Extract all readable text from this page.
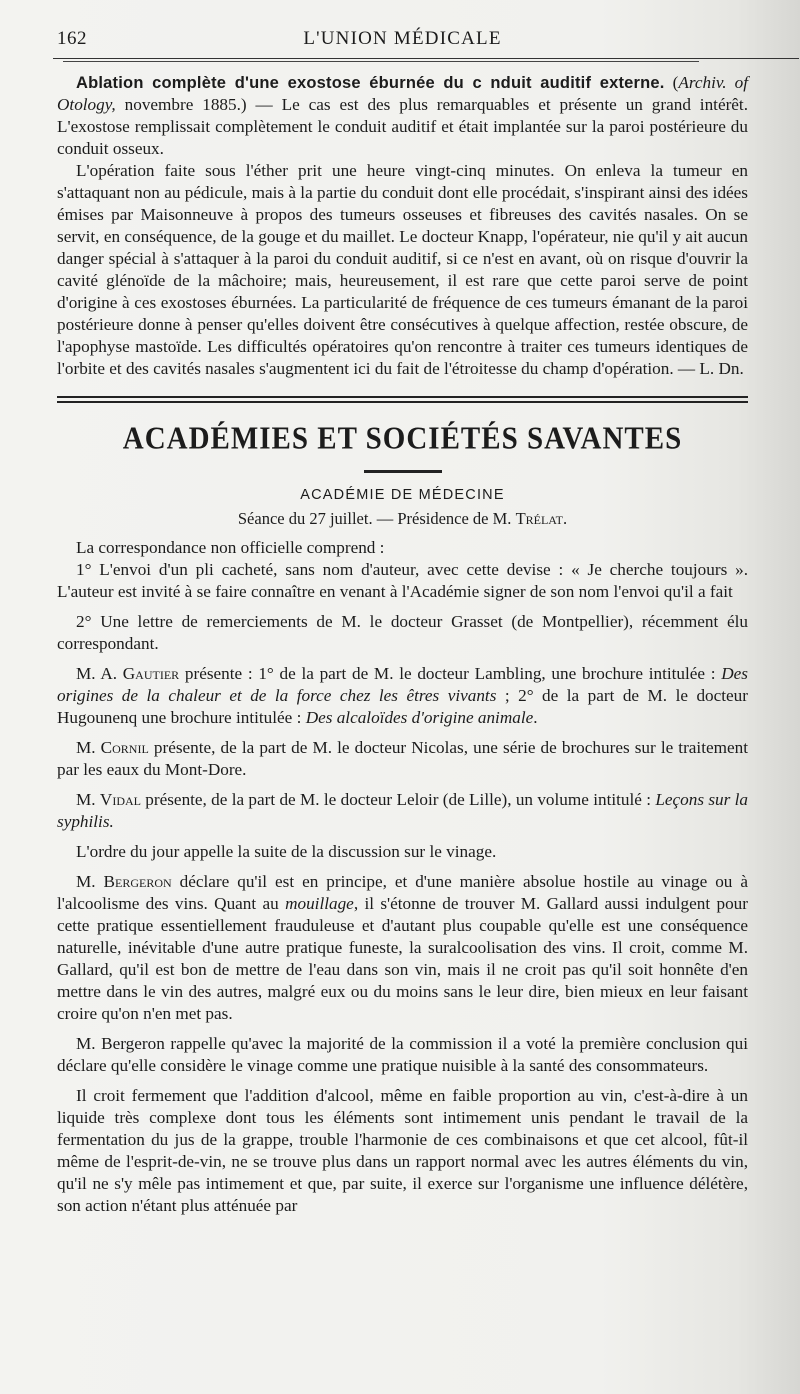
162	L'UNION MÉDICALE

Ablation complète d'une exostose éburnée du c nduit auditif externe. (Archiv. of Otology, novembre 1885.) — Le cas est des plus remarquables et présente un grand intérêt. L'exostose remplissait complètement le conduit auditif et était implantée sur la paroi postérieure du conduit osseux.

L'opération faite sous l'éther prit une heure vingt-cinq minutes. On enleva la tumeur en s'attaquant non au pédicule, mais à la partie du conduit dont elle procédait, s'inspirant ainsi des idées émises par Maisonneuve à propos des tumeurs osseuses et fibreuses des cavités nasales. On se servit, en conséquence, de la gouge et du maillet. Le docteur Knapp, l'opérateur, nie qu'il y ait aucun danger spécial à s'attaquer à la paroi du conduit auditif, si ce n'est en avant, où on risque d'ouvrir la cavité glénoïde de la mâchoire; mais, heureusement, il est rare que cette paroi serve de point d'origine à ces exostoses éburnées. La particularité de fréquence de ces tumeurs émanant de la paroi postérieure donne à penser qu'elles doivent être consécutives à quelque affection, restée obscure, de l'apophyse mastoïde. Les difficultés opératoires qu'on rencontre à traiter ces tumeurs identiques de l'orbite et des cavités nasales s'augmentent ici du fait de l'étroitesse du champ d'opération. — L. Dn.

ACADÉMIES ET SOCIÉTÉS SAVANTES
ACADÉMIE DE MÉDECINE
Séance du 27 juillet. — Présidence de M. Trélat.

La correspondance non officielle comprend :

1° L'envoi d'un pli cacheté, sans nom d'auteur, avec cette devise : « Je cherche toujours ». L'auteur est invité à se faire connaître en venant à l'Académie signer de son nom l'envoi qu'il a fait

2° Une lettre de remerciements de M. le docteur Grasset (de Montpellier), récemment élu correspondant.

M. A. Gautier présente : 1° de la part de M. le docteur Lambling, une brochure intitulée : Des origines de la chaleur et de la force chez les êtres vivants ; 2° de la part de M. le docteur Hugounenq une brochure intitulée : Des alcaloïdes d'origine animale.

M. Cornil présente, de la part de M. le docteur Nicolas, une série de brochures sur le traitement par les eaux du Mont-Dore.

M. Vidal présente, de la part de M. le docteur Leloir (de Lille), un volume intitulé : Leçons sur la syphilis.

L'ordre du jour appelle la suite de la discussion sur le vinage.

M. Bergeron déclare qu'il est en principe, et d'une manière absolue hostile au vinage ou à l'alcoolisme des vins. Quant au mouillage, il s'étonne de trouver M. Gallard aussi indulgent pour cette pratique essentiellement frauduleuse et d'autant plus coupable qu'elle est une conséquence naturelle, inévitable d'une autre pratique funeste, la suralcoolisation des vins. Il croit, comme M. Gallard, qu'il est bon de mettre de l'eau dans son vin, mais il ne croit pas qu'il soit honnête d'en mettre dans le vin des autres, malgré eux ou du moins sans le leur dire, bien mieux en leur faisant croire qu'on n'en met pas.

M. Bergeron rappelle qu'avec la majorité de la commission il a voté la première conclusion qui déclare qu'elle considère le vinage comme une pratique nuisible à la santé des consommateurs.

Il croit fermement que l'addition d'alcool, même en faible proportion au vin, c'est-à-dire à un liquide très complexe dont tous les éléments sont intimement unis pendant le travail de la fermentation du jus de la grappe, trouble l'harmonie de ces combinaisons et que cet alcool, fût-il même de l'esprit-de-vin, ne se trouve plus dans un rapport normal avec les autres éléments du vin, qu'il ne s'y mêle pas intimement et que, par suite, il exerce sur l'organisme une influence délétère, son action n'étant plus atténuée par
